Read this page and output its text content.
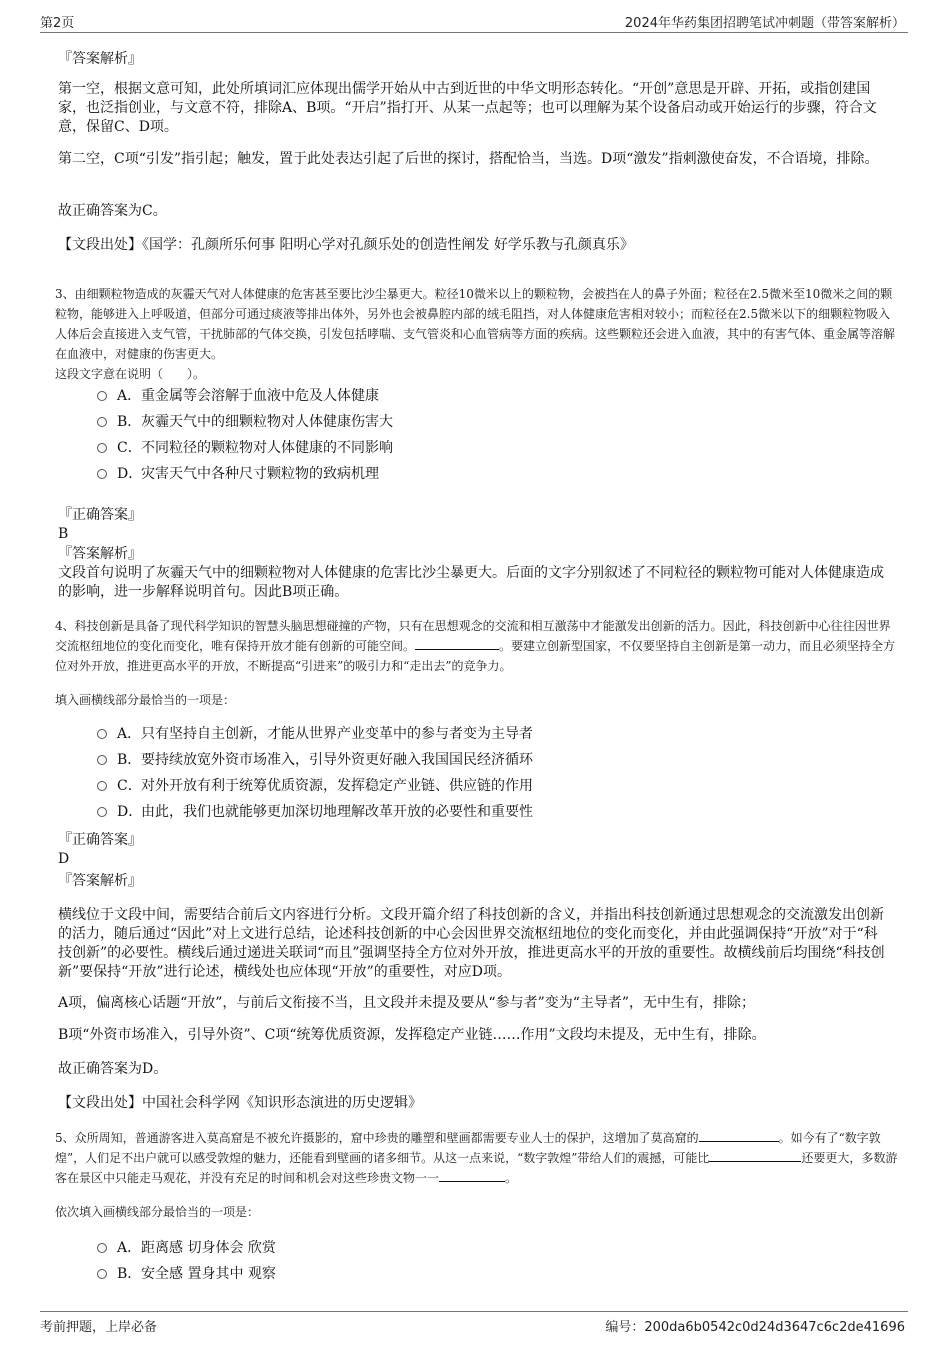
第2页	2024年华药集团招聘笔试冲刺题（带答案解析）
『答案解析』
第一空，根据文意可知，此处所填词汇应体现出儒学开始从中古到近世的中华文明形态转化。“开创”意思是开辟、开拓，或指创建国家，也泛指创业，与文意不符，排除A、B项。“开启”指打开、从某一点起等；也可以理解为某个设备启动或开始运行的步骤，符合文意，保留C、D项。
第二空，C项“引发”指引起；触发，置于此处表达引起了后世的探讨，搭配恰当，当选。D项“激发”指刺激使奋发，不合语境，排除。
故正确答案为C。
【文段出处】《国学：孔颜所乐何事 阳明心学对孔颜乐处的创造性阐发 好学乐教与孔颜真乐》
3、由细颗粒物造成的灰霾天气对人体健康的危害甚至要比沙尘暴更大。粒径10微米以上的颗粒物，会被挡在人的鼻子外面；粒径在2.5微米至10微米之间的颗粒物，能够进入上呼吸道，但部分可通过痰液等排出体外，另外也会被鼻腔内部的绒毛阻挡，对人体健康危害相对较小；而粒径在2.5微米以下的细颗粒物吸入人体后会直接进入支气管，干扰肺部的气体交换，引发包括哮喘、支气管炎和心血管病等方面的疾病。这些颗粒还会进入血液，其中的有害气体、重金属等溶解在血液中，对健康的伤害更大。
这段文字意在说明（　　）。
A． 重金属等会溶解于血液中危及人体健康
B． 灰霾天气中的细颗粒物对人体健康伤害大
C． 不同粒径的颗粒物对人体健康的不同影响
D．
灾害天气中各种尺寸颗粒物的致病机理
『正确答案』
B
『答案解析』
文段首句说明了灰霾天气中的细颗粒物对人体健康的危害比沙尘暴更大。后面的文字分别叙述了不同粒径的颗粒物可能对人体健康造成的影响，进一步解释说明首句。因此B项正确。
4、科技创新是具备了现代科学知识的智慧头脑思想碰撞的产物，只有在思想观念的交流和相互激荡中才能激发出创新的活力。因此，科技创新中心往往因世界交流枢纽地位的变化而变化，唯有保持开放才能有创新的可能空间。	。要建立创新型国家，不仅要坚持自主创新是第一动力，而且必须坚持全方位对外开放，推进更高水平的开放，不断提高“引进来”的吸引力和“走出去”的竞争力。
填入画横线部分最恰当的一项是：
A． 只有坚持自主创新，才能从世界产业变革中的参与者变为主导者
B． 要持续放宽外资市场准入，引导外资更好融入我国国民经济循环
C． 对外开放有利于统筹优质资源，发挥稳定产业链、供应链的作用
D．
由此，我们也就能够更加深切地理解改革开放的必要性和重要性
『正确答案』
D
『答案解析』
横线位于文段中间，需要结合前后文内容进行分析。文段开篇介绍了科技创新的含义，并指出科技创新通过思想观念的交流激发出创新的活力，随后通过“因此”对上文进行总结，论述科技创新的中心会因世界交流枢纽地位的变化而变化，并由此强调保持“开放”对于“科技创新”的必要性。横线后通过递进关联词“而且”强调坚持全方位对外开放，推进更高水平的开放的重要性。故横线前后均围绕“科技创新”要保持“开放”进行论述，横线处也应体现“开放”的重要性，对应D项。
A项，偏离核心话题“开放”，与前后文衔接不当，且文段并未提及要从“参与者”变为“主导者”，无中生有，排除；
B项“外资市场准入，引导外资”、C项“统筹优质资源，发挥稳定产业链……作用”文段均未提及，无中生有，排除。
故正确答案为D。
【文段出处】中国社会科学网《知识形态演进的历史逻辑》
5、众所周知，普通游客进入莫高窟是不被允许摄影的，窟中珍贵的雕塑和壁画都需要专业人士的保护，这增加了莫高窟的	。如今有了“数字敦煌”，人们足不出户就可以感受敦煌的魅力，还能看到壁画的诸多细节。从这一点来说，“数字敦煌”带给人们的震撼，可能比	还要更大，多数游客在景区中只能走马观花，并没有充足的时间和机会对这些珍贵文物一一	。
依次填入画横线部分最恰当的一项是：
A． 距离感 切身体会 欣赏
B． 安全感 置身其中 观察
考前押题，上岸必备	编号：200da6b0542c0d24d3647c6c2de41696
